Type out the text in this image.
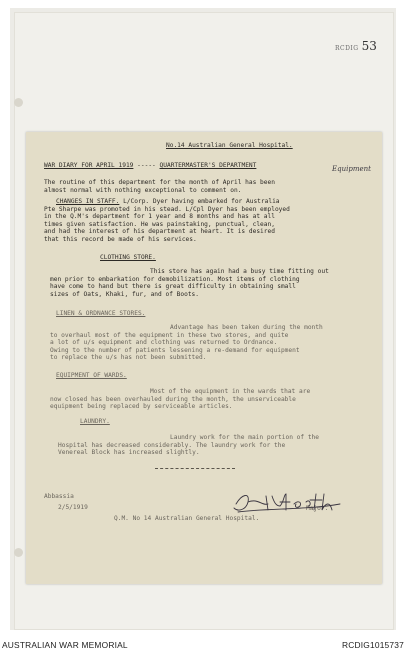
RCDIG 53
No.14 Australian General Hospital.
WAR DIARY FOR APRIL 1919 ----- QUARTERMASTER'S DEPARTMENT	Equipment
The routine of this department for the month of April has been
almost normal with nothing exceptional to comment on.
CHANGES IN STAFF. L/Corp. Dyer having embarked for Australia
Pte Sharpe was promoted in his stead. L/Cpl Dyer has been employed
in the Q.M's department for 1 year and 8 months and has at all
times given satisfaction. He was painstaking, punctual, clean,
and had the interest of his department at heart. It is desired
that this record be made of his services.
CLOTHING STORE.
This store has again had a busy time fitting out
men prior to embarkation for demobilization. Most items of clothing
have come to hand but there is great difficulty in obtaining small
sizes of Oats, Khaki, fur, and of Boots.
LINEN & ORDNANCE STORES.
Advantage has been taken during the month
to overhaul most of the equipment in these two stores, and quite
a lot of u/s equipment and clothing was returned to Ordnance.
Owing to the number of patients lessening a re-demand for equipment
to replace the u/s has not been submitted.
EQUIPMENT OF WARDS.
Most of the equipment in the wards that are
now closed has been overhauled during the month, the unserviceable
equipment being replaced by serviceable articles.
LAUNDRY.
Laundry work for the main portion of the
Hospital has decreased considerably. The laundry work for the
Venereal Block has increased slightly.
Abbassia
2/5/1919	Major.
Q.M. No 14 Australian General Hospital.
AUSTRALIAN WAR MEMORIAL	RCDIG1015737
